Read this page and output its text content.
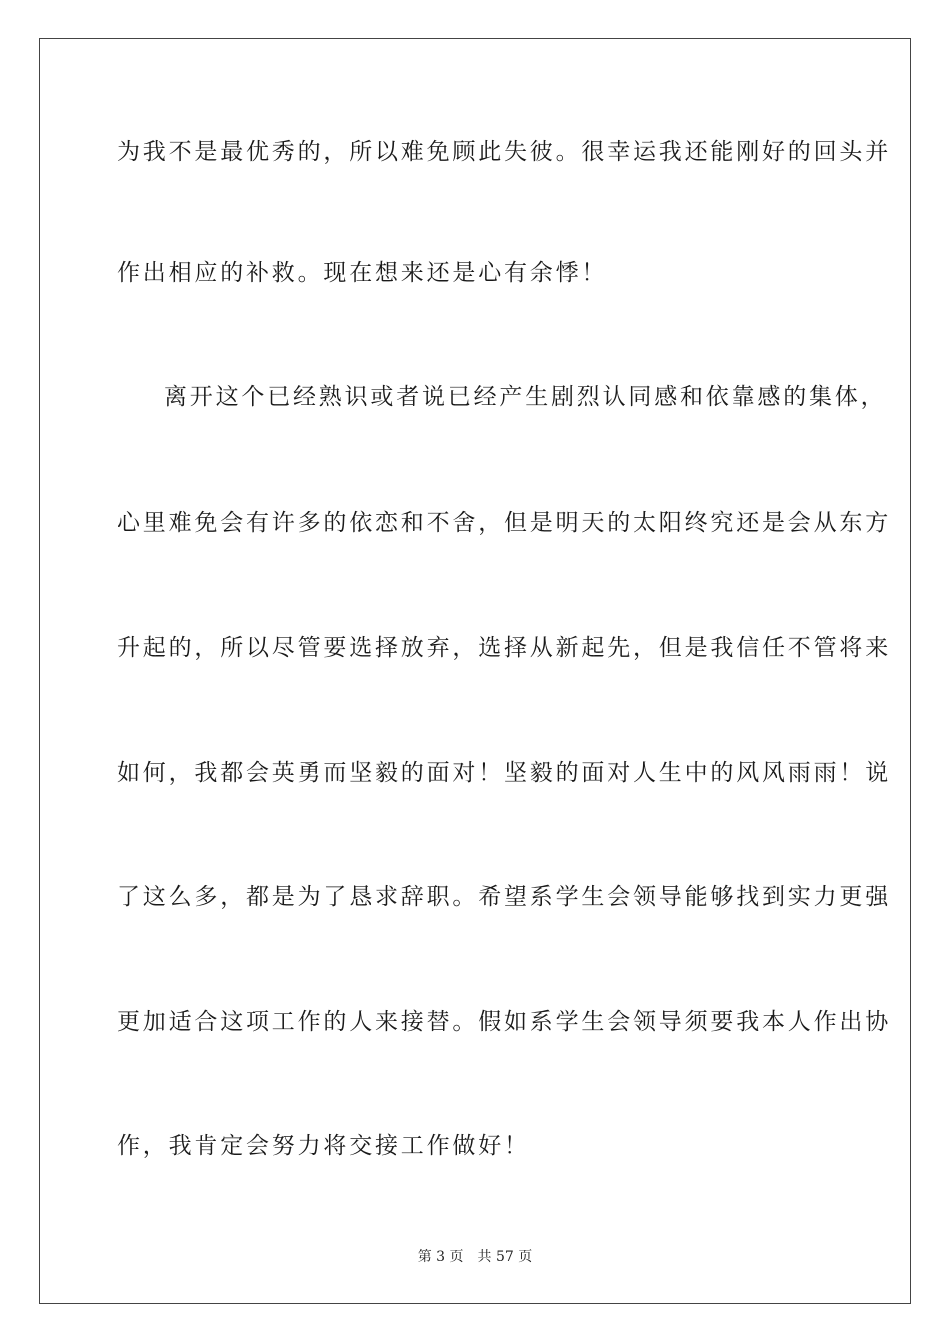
为我不是最优秀的，所以难免顾此失彼。很幸运我还能刚好的回头并
作出相应的补救。现在想来还是心有余悸！
离开这个已经熟识或者说已经产生剧烈认同感和依靠感的集体，
心里难免会有许多的依恋和不舍，但是明天的太阳终究还是会从东方
升起的，所以尽管要选择放弃，选择从新起先，但是我信任不管将来
如何，我都会英勇而坚毅的面对！坚毅的面对人生中的风风雨雨！说
了这么多，都是为了恳求辞职。希望系学生会领导能够找到实力更强
更加适合这项工作的人来接替。假如系学生会领导须要我本人作出协
作，我肯定会努力将交接工作做好！
第 3 页 共 57 页
